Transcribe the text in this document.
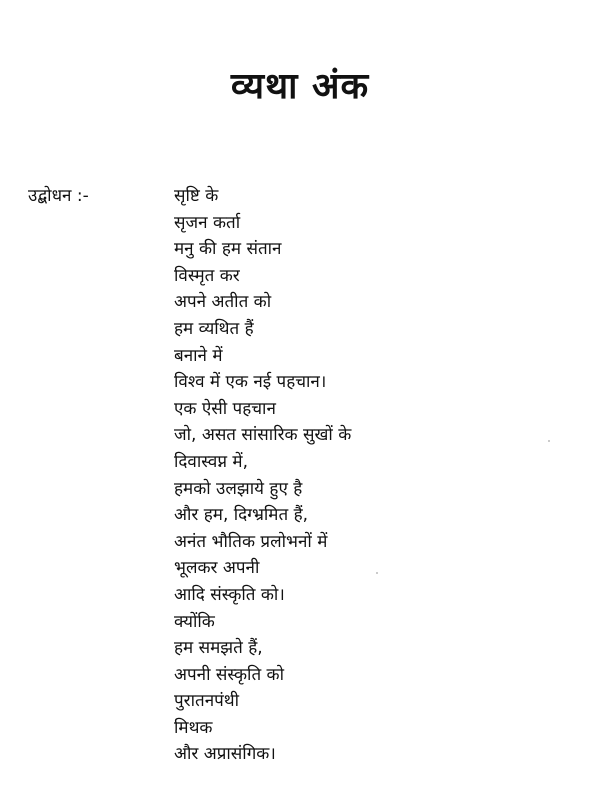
व्यथा अंक
उद्बोधन :-	सृष्टि के
सृजन कर्ता
मनु की हम संतान
विस्मृत कर
अपने अतीत को
हम व्यथित हैं
बनाने में
विश्व में एक नई पहचान।
एक ऐसी पहचान
जो, असत सांसारिक सुखों के
दिवास्वप्न में,
हमको उलझाये हुए है
और हम, दिग्भ्रमित हैं,
अनंत भौतिक प्रलोभनों में
भूलकर अपनी
आदि संस्कृति को।
क्योंकि
हम समझते हैं,
अपनी संस्कृति को
पुरातनपंथी
मिथक
और अप्रासंगिक।
